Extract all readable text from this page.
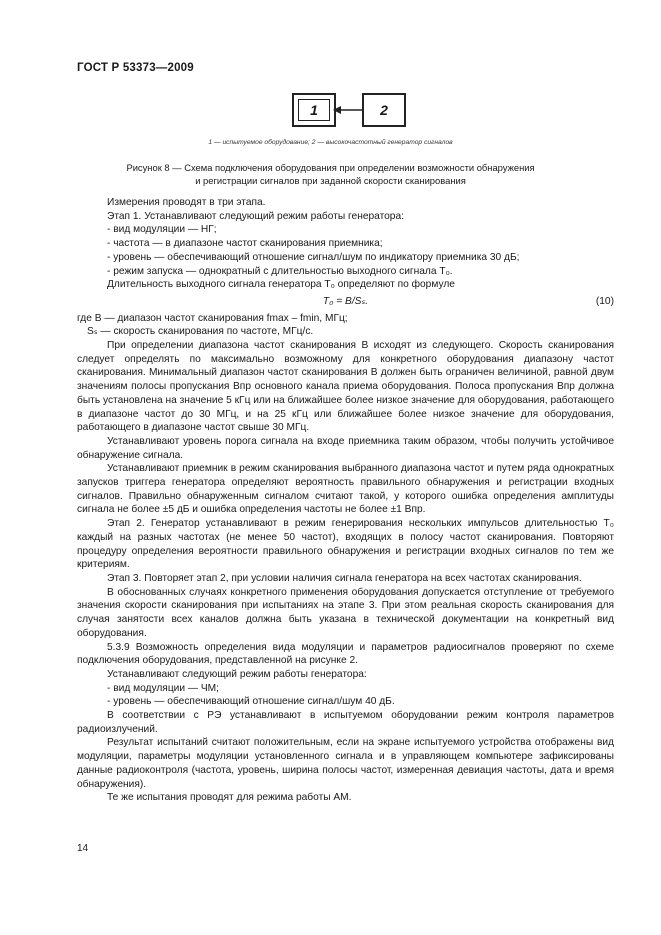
ГОСТ Р 53373—2009
1	2
1 — испытуемое оборудование; 2 — высокочастотный генератор сигналов
Рисунок 8 — Схема подключения оборудования при определении возможности обнаружения
и регистрации сигналов при заданной скорости сканирования

Измерения проводят в три этапа.

Этап 1. Устанавливают следующий режим работы генератора:

- вид модуляции — НГ;

- частота — в диапазоне частот сканирования приемника;

- уровень — обеспечивающий отношение сигнал/шум по индикатору приемника 30 дБ;

- режим запуска — однократный с длительностью выходного сигнала T₀.

Длительность выходного сигнала генератора T₀ определяют по формуле

T₀ = B/Sₛ.	(10)

где B — диапазон частот сканирования fmax – fmin, МГц;

Sₛ — скорость сканирования по частоте, МГц/с.

При определении диапазона частот сканирования B исходят из следующего. Скорость сканирования следует определять по максимально возможному для конкретного оборудования диапазону частот сканирования. Минимальный диапазон частот сканирования B должен быть ограничен величиной, равной двум значениям полосы пропускания Bпр основного канала приема оборудования. Полоса пропускания Bпр должна быть установлена на значение 5 кГц или на ближайшее более низкое значение для оборудования, работающего в диапазоне частот до 30 МГц, и на 25 кГц или ближайшее более низкое значение для оборудования, работающего в диапазоне частот свыше 30 МГц.

Устанавливают уровень порога сигнала на входе приемника таким образом, чтобы получить устойчивое обнаружение сигнала.

Устанавливают приемник в режим сканирования выбранного диапазона частот и путем ряда однократных запусков триггера генератора определяют вероятность правильного обнаружения и регистрации входных сигналов. Правильно обнаруженным сигналом считают такой, у которого ошибка определения амплитуды сигнала не более ±5 дБ и ошибка определения частоты не более ±1 Bпр.

Этап 2. Генератор устанавливают в режим генерирования нескольких импульсов длительностью T₀ каждый на разных частотах (не менее 50 частот), входящих в полосу частот сканирования. Повторяют процедуру определения вероятности правильного обнаружения и регистрации входных сигналов по тем же критериям.

Этап 3. Повторяет этап 2, при условии наличия сигнала генератора на всех частотах сканирования.

В обоснованных случаях конкретного применения оборудования допускается отступление от требуемого значения скорости сканирования при испытаниях на этапе 3. При этом реальная скорость сканирования для случая занятости всех каналов должна быть указана в технической документации на конкретный вид оборудования.

5.3.9 Возможность определения вида модуляции и параметров радиосигналов проверяют по схеме подключения оборудования, представленной на рисунке 2.

Устанавливают следующий режим работы генератора:

- вид модуляции — ЧМ;

- уровень — обеспечивающий отношение сигнал/шум 40 дБ.

В соответствии с РЭ устанавливают в испытуемом оборудовании режим контроля параметров радиоизлучений.

Результат испытаний считают положительным, если на экране испытуемого устройства отображены вид модуляции, параметры модуляции установленного сигнала и в управляющем компьютере зафиксированы данные радиоконтроля (частота, уровень, ширина полосы частот, измеренная девиация частоты, дата и время обнаружения).

Те же испытания проводят для режима работы АМ.

14
